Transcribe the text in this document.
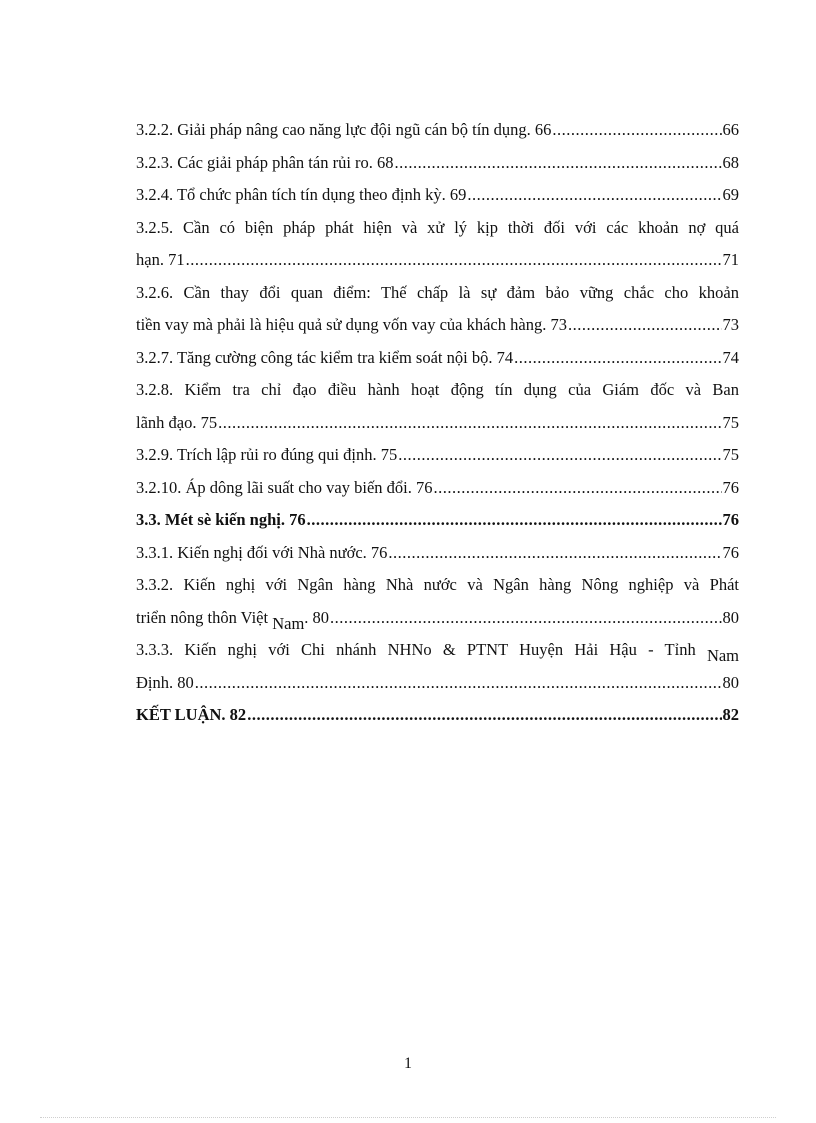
3.2.2. Giải pháp nâng cao năng lực đội ngũ cán bộ tín dụng. 66 .....	66
3.2.3. Các giải pháp phân tán rủi ro. 68 .....	68
3.2.4. Tổ chức phân tích tín dụng theo định kỳ. 69 .....	69
3.2.5. Cần có biện pháp phát hiện và xử lý kịp thời đối với các khoản nợ quá
hạn. 71 .....	71
3.2.6. Cần thay đổi quan điểm: Thế chấp là sự đảm bảo vững chắc cho khoản
tiền vay mà phải là hiệu quả sử dụng vốn vay của khách hàng. 73 .....	73
3.2.7. Tăng cường công tác kiểm tra kiểm soát nội bộ. 74 .....	74
3.2.8. Kiểm tra chỉ đạo điều hành hoạt động tín dụng của Giám đốc và Ban
lãnh đạo. 75 .....	75
3.2.9. Trích lập rủi ro đúng qui định. 75 .....	75
3.2.10. Áp dông lãi suất cho vay biến đổi. 76 .....	76
3.3. Mét sè kiến nghị. 76 .....	76
3.3.1. Kiến nghị đối với Nhà nước. 76 .....	76
3.3.2. Kiến nghị với Ngân hàng Nhà nước và Ngân hàng Nông nghiệp và Phát
triển nông thôn Việt Nam. 80 .....	80
3.3.3. Kiến nghị với Chi nhánh NHNo & PTNT Huyện Hải Hậu - Tỉnh Nam
Định. 80 .....	80
KẾT LUẬN. 82 .....	82
1
